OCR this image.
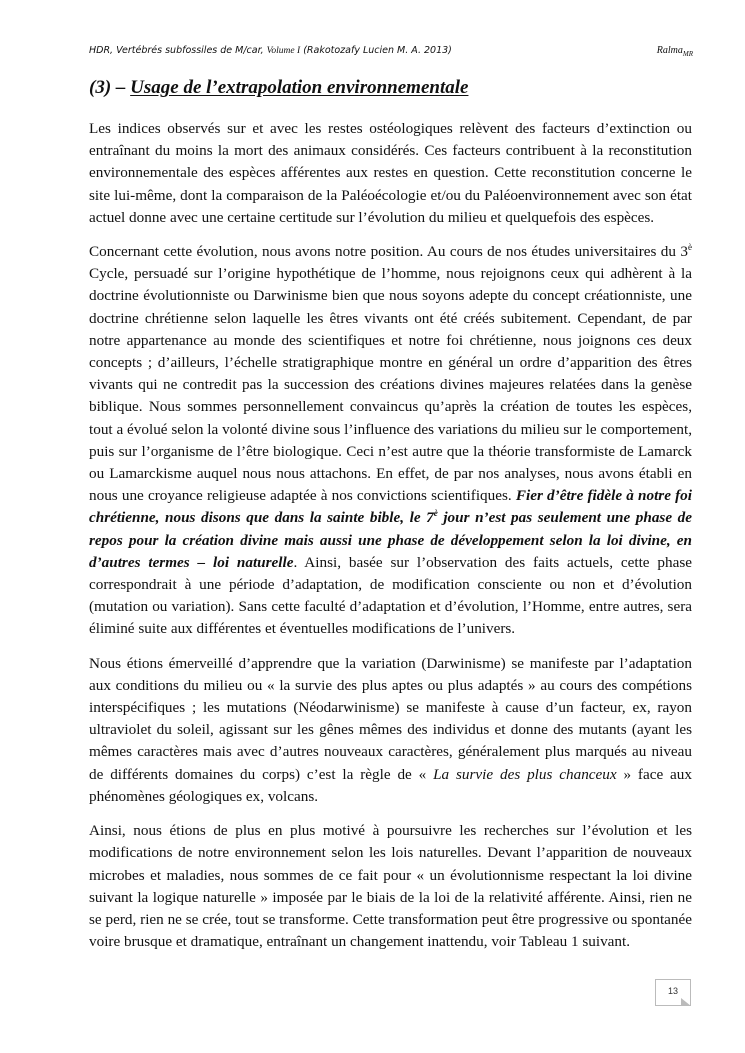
HDR, Vertébrés subfossiles de M/car, Volume I (Rakotozafy Lucien M. A. 2013)	Ralma$_{MR}$
(3) – Usage de l’extrapolation environnementale

Les indices observés sur et avec les restes ostéologiques relèvent des facteurs d’extinction ou entraînant du moins la mort des animaux considérés. Ces facteurs contribuent à la reconstitution environnementale des espèces afférentes aux restes en question. Cette reconstitution concerne le site lui-même, dont la comparaison de la Paléoécologie et/ou du Paléoenvironnement avec son état actuel donne avec une certaine certitude sur l’évolution du milieu et quelquefois des espèces.

Concernant cette évolution, nous avons notre position. Au cours de nos études universitaires du $3^è$ Cycle, persuadé sur l’origine hypothétique de l’homme, nous rejoignons ceux qui adhèrent à la doctrine évolutionniste ou Darwinisme bien que nous soyons adepte du concept créationniste, une doctrine chrétienne selon laquelle les êtres vivants ont été créés subitement. Cependant, de par notre appartenance au monde des scientifiques et notre foi chrétienne, nous joignons ces deux concepts ; d’ailleurs, l’échelle stratigraphique montre en général un ordre d’apparition des êtres vivants qui ne contredit pas la succession des créations divines majeures relatées dans la genèse biblique. Nous sommes personnellement convaincus qu’après la création de toutes les espèces, tout a évolué selon la volonté divine sous l’influence des variations du milieu sur le comportement, puis sur l’organisme de l’être biologique. Ceci n’est autre que la théorie transformiste de Lamarck ou Lamarckisme auquel nous nous attachons. En effet, de par nos analyses, nous avons établi en nous une croyance religieuse adaptée à nos convictions scientifiques. Fier d’être fidèle à notre foi chrétienne, nous disons que dans la sainte bible, le $7^è$ jour n’est pas seulement une phase de repos pour la création divine mais aussi une phase de développement selon la loi divine, en d’autres termes – loi naturelle. Ainsi, basée sur l’observation des faits actuels, cette phase correspondrait à une période d’adaptation, de modification consciente ou non et d’évolution (mutation ou variation). Sans cette faculté d’adaptation et d’évolution, l’Homme, entre autres, sera éliminé suite aux différentes et éventuelles modifications de l’univers.

Nous étions émerveillé d’apprendre que la variation (Darwinisme) se manifeste par l’adaptation aux conditions du milieu ou « la survie des plus aptes ou plus adaptés » au cours des compétions interspécifiques ; les mutations (Néodarwinisme) se manifeste à cause d’un facteur, ex, rayon ultraviolet du soleil, agissant sur les gênes mêmes des individus et donne des mutants (ayant les mêmes caractères mais avec d’autres nouveaux caractères, généralement plus marqués au niveau de différents domaines du corps) c’est la règle de « La survie des plus chanceux » face aux phénomènes géologiques ex, volcans.

Ainsi, nous étions de plus en plus motivé à poursuivre les recherches sur l’évolution et les modifications de notre environnement selon les lois naturelles. Devant l’apparition de nouveaux microbes et maladies, nous sommes de ce fait pour « un évolutionnisme respectant la loi divine suivant la logique naturelle » imposée par le biais de la loi de la relativité afférente. Ainsi, rien ne se perd, rien ne se crée, tout se transforme. Cette transformation peut être progressive ou spontanée voire brusque et dramatique, entraînant un changement inattendu, voir Tableau 1 suivant.

13
